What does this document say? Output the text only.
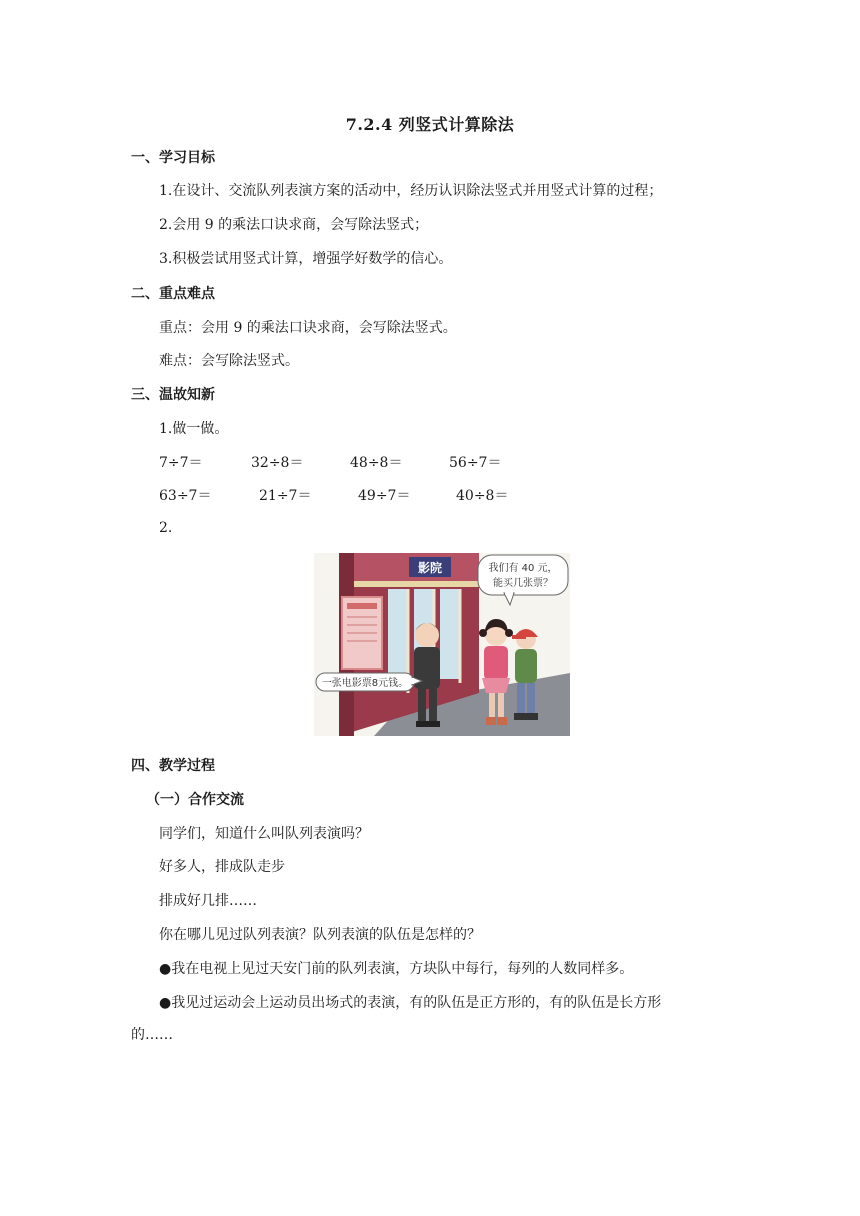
7.2.4 列竖式计算除法
一、学习目标
1.在设计、交流队列表演方案的活动中，经历认识除法竖式并用竖式计算的过程；
2.会用 9 的乘法口诀求商，会写除法竖式；
3.积极尝试用竖式计算，增强学好数学的信心。
二、重点难点
重点：会用 9 的乘法口诀求商，会写除法竖式。
难点：会写除法竖式。
三、温故知新
1.做一做。
7÷7＝	32÷8＝	48÷8＝	56÷7＝
63÷7＝	21÷7＝	49÷7＝	40÷8＝
2.
影院	我们有 40 元，
能买几张票？
一张电影票8元钱。
四、教学过程
（一）合作交流
同学们，知道什么叫队列表演吗？
好多人，排成队走步
排成好几排……
你在哪儿见过队列表演？队列表演的队伍是怎样的？
●我在电视上见过天安门前的队列表演，方块队中每行，每列的人数同样多。
●我见过运动会上运动员出场式的表演，有的队伍是正方形的，有的队伍是长方形
的……
